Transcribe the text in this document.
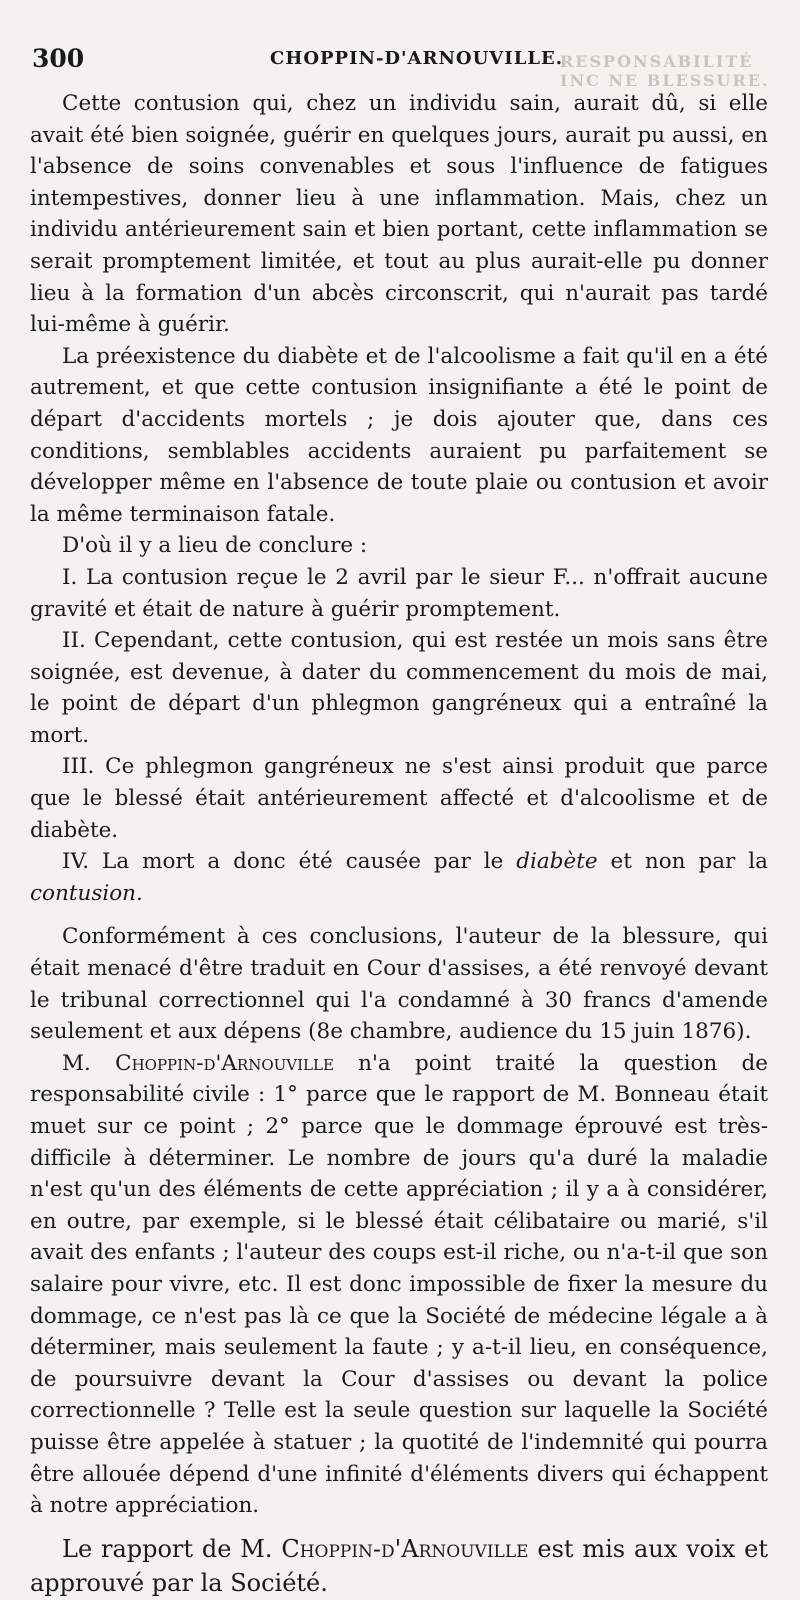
RESPONSABILITÉ INC NE BLESSURE.
300	CHOPPIN-D'ARNOUVILLE.

Cette contusion qui, chez un individu sain, aurait dû, si elle avait été bien soignée, guérir en quelques jours, aurait pu aussi, en l'absence de soins convenables et sous l'influence de fatigues intempestives, donner lieu à une inflammation. Mais, chez un individu antérieurement sain et bien portant, cette inflammation se serait promptement limitée, et tout au plus aurait-elle pu donner lieu à la formation d'un abcès circonscrit, qui n'aurait pas tardé lui-même à guérir.

La préexistence du diabète et de l'alcoolisme a fait qu'il en a été autrement, et que cette contusion insignifiante a été le point de départ d'accidents mortels ; je dois ajouter que, dans ces conditions, semblables accidents auraient pu parfaitement se développer même en l'absence de toute plaie ou contusion et avoir la même terminaison fatale.

D'où il y a lieu de conclure :

I. La contusion reçue le 2 avril par le sieur F... n'offrait aucune gravité et était de nature à guérir promptement.

II. Cependant, cette contusion, qui est restée un mois sans être soignée, est devenue, à dater du commencement du mois de mai, le point de départ d'un phlegmon gangréneux qui a entraîné la mort.

III. Ce phlegmon gangréneux ne s'est ainsi produit que parce que le blessé était antérieurement affecté et d'alcoolisme et de diabète.

IV. La mort a donc été causée par le diabète et non par la contusion.

Conformément à ces conclusions, l'auteur de la blessure, qui était menacé d'être traduit en Cour d'assises, a été renvoyé devant le tribunal correctionnel qui l'a condamné à 30 francs d'amende seulement et aux dépens (8e chambre, audience du 15 juin 1876).

M. Choppin-d'Arnouville n'a point traité la question de responsabilité civile : 1° parce que le rapport de M. Bonneau était muet sur ce point ; 2° parce que le dommage éprouvé est très-difficile à déterminer. Le nombre de jours qu'a duré la maladie n'est qu'un des éléments de cette appréciation ; il y a à considérer, en outre, par exemple, si le blessé était célibataire ou marié, s'il avait des enfants ; l'auteur des coups est-il riche, ou n'a-t-il que son salaire pour vivre, etc. Il est donc impossible de fixer la mesure du dommage, ce n'est pas là ce que la Société de médecine légale a à déterminer, mais seulement la faute ; y a-t-il lieu, en conséquence, de poursuivre devant la Cour d'assises ou devant la police correctionnelle ? Telle est la seule question sur laquelle la Société puisse être appelée à statuer ; la quotité de l'indemnité qui pourra être allouée dépend d'une infinité d'éléments divers qui échappent à notre appréciation.

Le rapport de M. Choppin-d'Arnouville est mis aux voix et approuvé par la Société.
